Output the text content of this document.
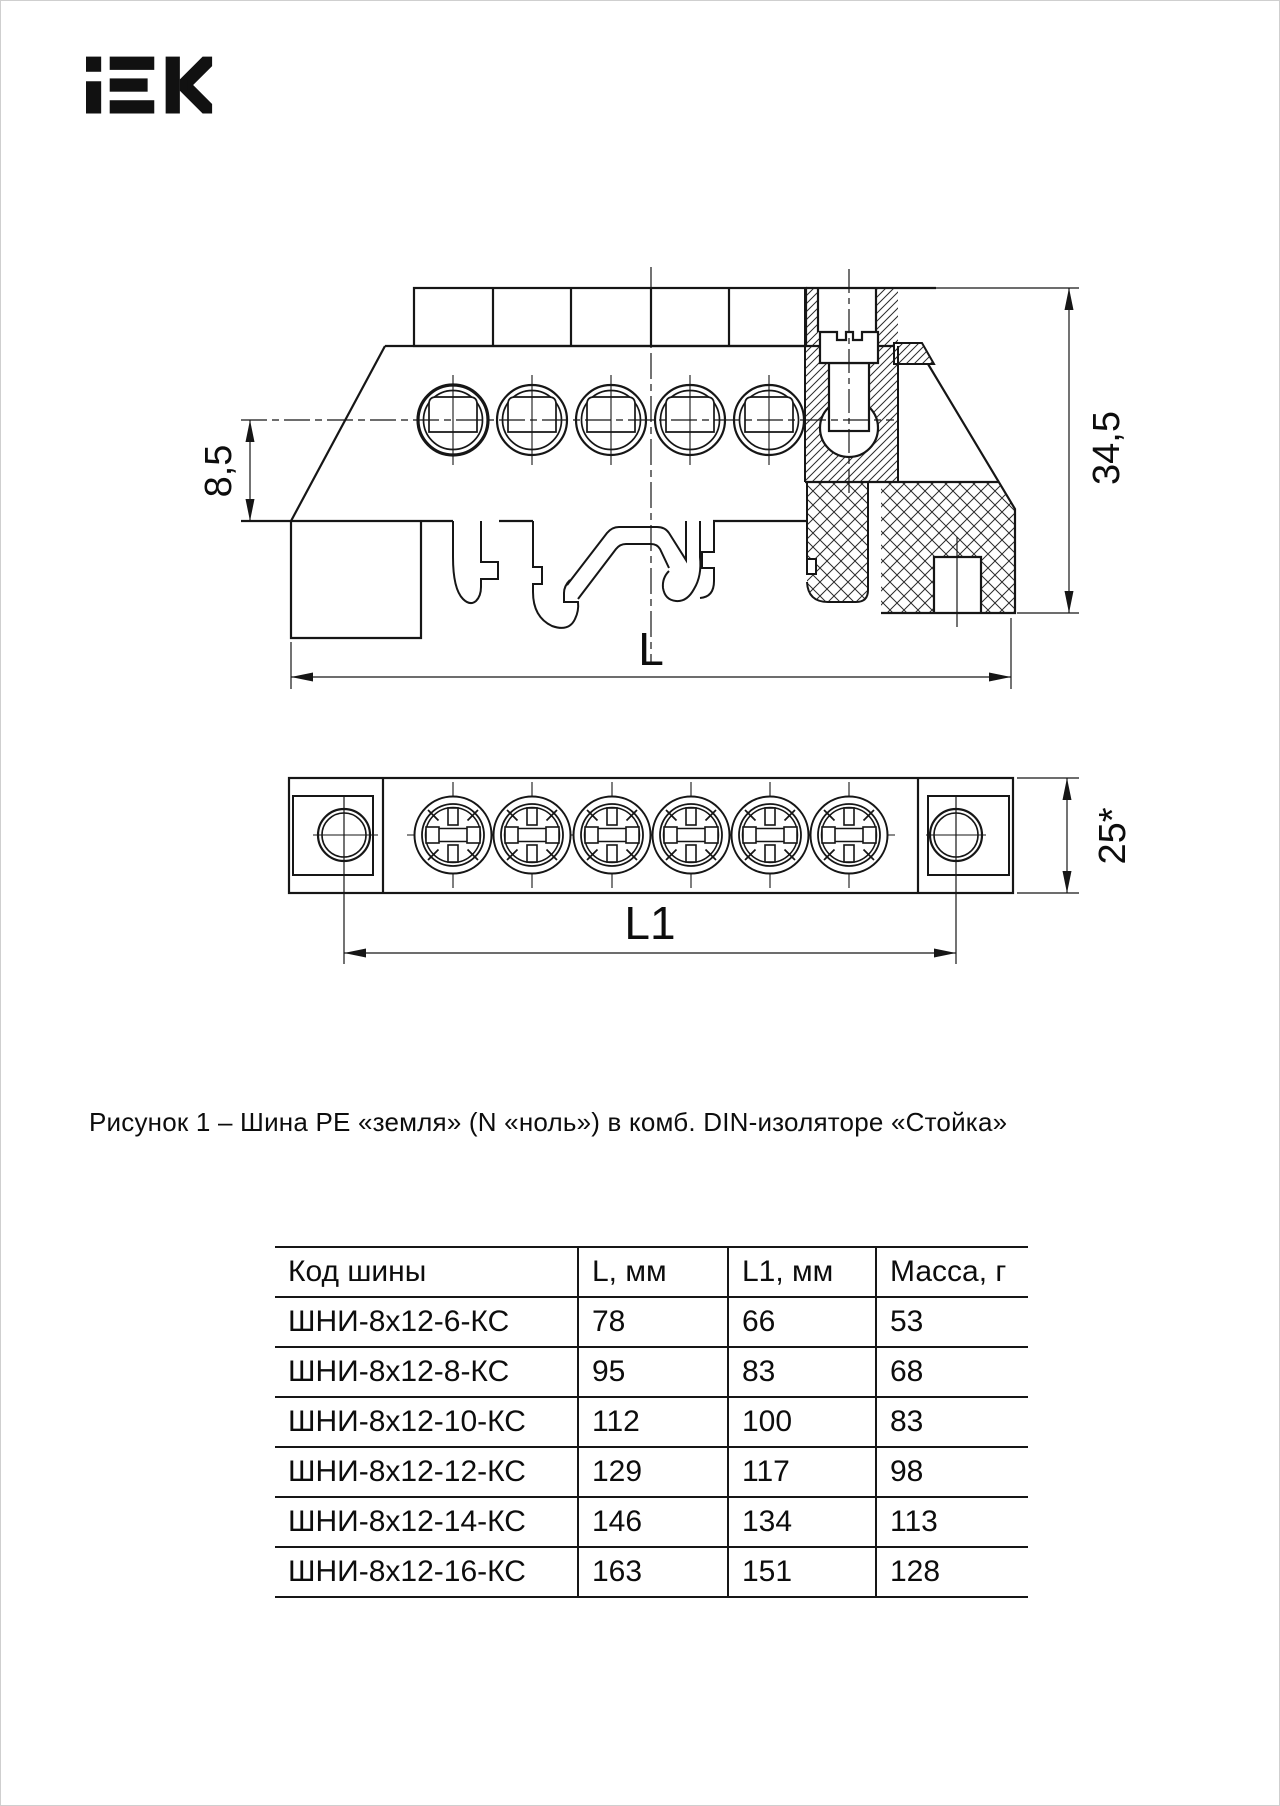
8,5	34,5
L
L1
25*
Рисунок 1 – Шина PE «земля» (N «ноль») в комб. DIN-изоляторе «Стойка»
Код шины	L, мм	L1, мм	Масса, г
ШНИ-8х12-6-КС	78	66	53
ШНИ-8х12-8-КС	95	83	68
ШНИ-8х12-10-КС	112	100	83
ШНИ-8х12-12-КС	129	117	98
ШНИ-8х12-14-КС	146	134	113
ШНИ-8х12-16-КС	163	151	128
